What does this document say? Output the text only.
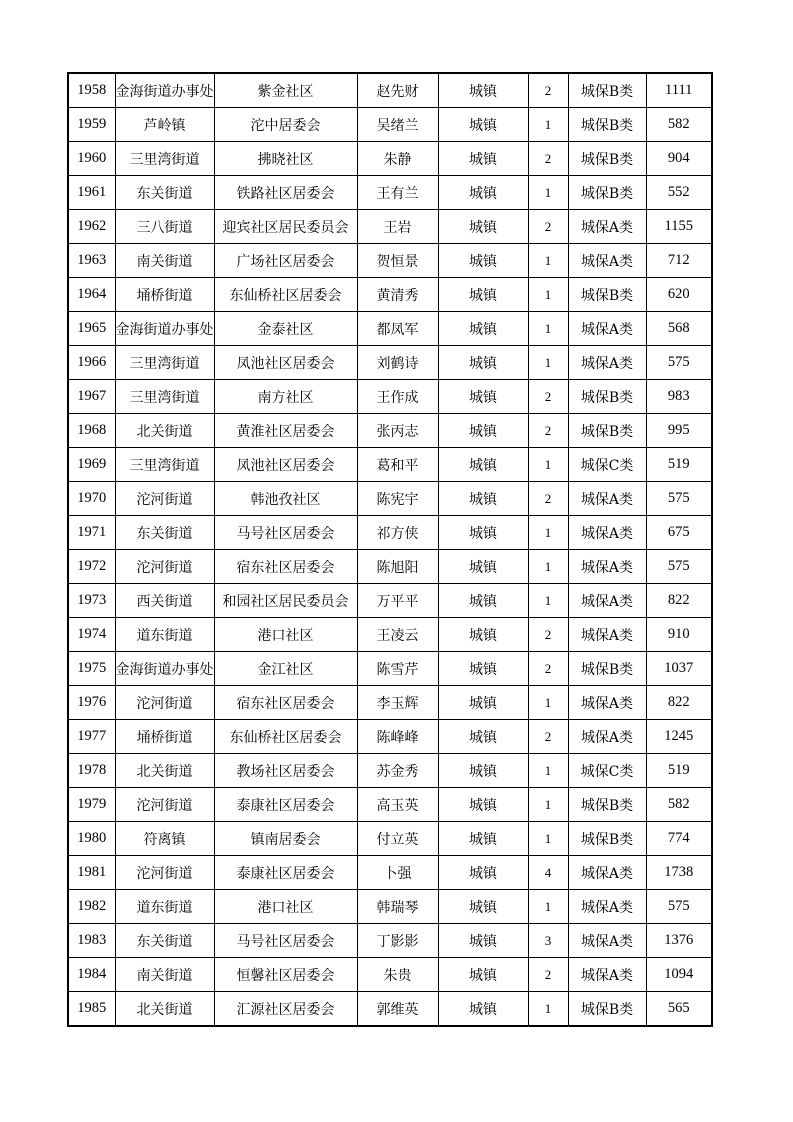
1958	金海街道办事处	紫金社区	赵先财	城镇	2	城保B类	1111
1959	芦岭镇	沱中居委会	吴绪兰	城镇	1	城保B类	582
1960	三里湾街道	拂晓社区	朱静	城镇	2	城保B类	904
1961	东关街道	铁路社区居委会	王有兰	城镇	1	城保B类	552
1962	三八街道	迎宾社区居民委员会	王岩	城镇	2	城保A类	1155
1963	南关街道	广场社区居委会	贺恒景	城镇	1	城保A类	712
1964	埇桥街道	东仙桥社区居委会	黄清秀	城镇	1	城保B类	620
1965	金海街道办事处	金泰社区	都凤军	城镇	1	城保A类	568
1966	三里湾街道	凤池社区居委会	刘鹤诗	城镇	1	城保A类	575
1967	三里湾街道	南方社区	王作成	城镇	2	城保B类	983
1968	北关街道	黄淮社区居委会	张丙志	城镇	2	城保B类	995
1969	三里湾街道	凤池社区居委会	葛和平	城镇	1	城保C类	519
1970	沱河街道	韩池孜社区	陈宪宇	城镇	2	城保A类	575
1971	东关街道	马号社区居委会	祁方侠	城镇	1	城保A类	675
1972	沱河街道	宿东社区居委会	陈旭阳	城镇	1	城保A类	575
1973	西关街道	和园社区居民委员会	万平平	城镇	1	城保A类	822
1974	道东街道	港口社区	王凌云	城镇	2	城保A类	910
1975	金海街道办事处	金江社区	陈雪芹	城镇	2	城保B类	1037
1976	沱河街道	宿东社区居委会	李玉辉	城镇	1	城保A类	822
1977	埇桥街道	东仙桥社区居委会	陈峰峰	城镇	2	城保A类	1245
1978	北关街道	教场社区居委会	苏金秀	城镇	1	城保C类	519
1979	沱河街道	泰康社区居委会	高玉英	城镇	1	城保B类	582
1980	符离镇	镇南居委会	付立英	城镇	1	城保B类	774
1981	沱河街道	泰康社区居委会	卜强	城镇	4	城保A类	1738
1982	道东街道	港口社区	韩瑞琴	城镇	1	城保A类	575
1983	东关街道	马号社区居委会	丁影影	城镇	3	城保A类	1376
1984	南关街道	恒馨社区居委会	朱贵	城镇	2	城保A类	1094
1985	北关街道	汇源社区居委会	郭维英	城镇	1	城保B类	565
